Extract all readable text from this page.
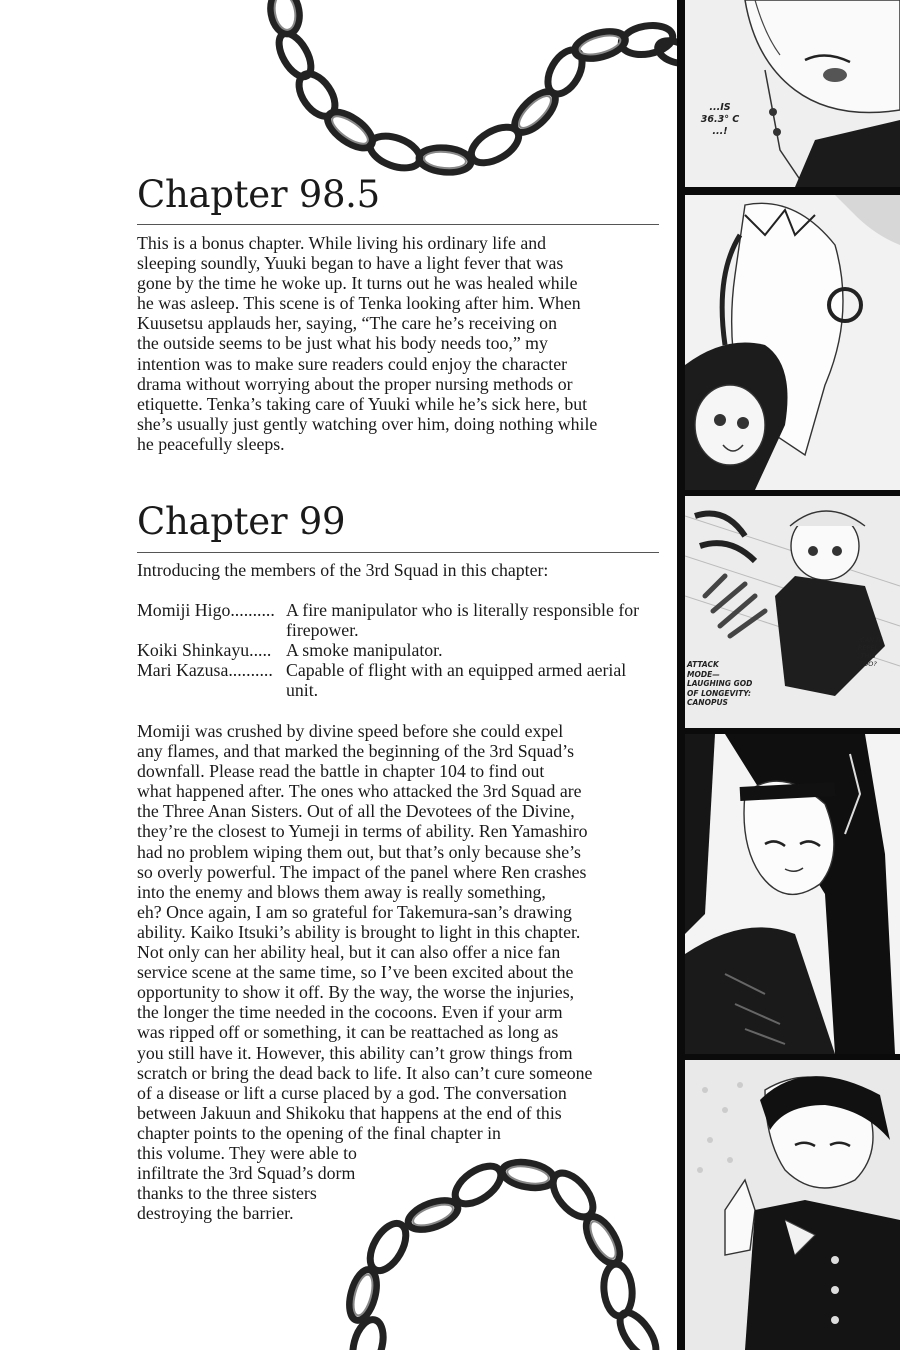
Chapter 98.5

This is a bonus chapter. While living his ordinary life and
sleeping soundly, Yuuki began to have a light fever that was
gone by the time he woke up. It turns out he was healed while
he was asleep. This scene is of Tenka looking after him. When
Kuusetsu applauds her, saying, “The care he’s receiving on
the outside seems to be just what his body needs too,” my
intention was to make sure readers could enjoy the character
drama without worrying about the proper nursing methods or
etiquette. Tenka’s taking care of Yuuki while he’s sick here, but
she’s usually just gently watching over him, doing nothing while
he peacefully sleeps.

Chapter 99

Introducing the members of the 3rd Squad in this chapter:

Momiji Higo.......... A fire manipulator who is literally responsible for firepower.
Koiki Shinkayu..... A smoke manipulator.
Mari Kazusa.......... Capable of flight with an equipped armed aerial unit.

Momiji was crushed by divine speed before she could expel
any flames, and that marked the beginning of the 3rd Squad’s
downfall. Please read the battle in chapter 104 to find out
what happened after. The ones who attacked the 3rd Squad are
the Three Anan Sisters. Out of all the Devotees of the Divine,
they’re the closest to Yumeji in terms of ability. Ren Yamashiro
had no problem wiping them out, but that’s only because she’s
so overly powerful. The impact of the panel where Ren crashes
into the enemy and blows them away is really something,
eh? Once again, I am so grateful for Takemura-san’s drawing
ability. Kaiko Itsuki’s ability is brought to light in this chapter.
Not only can her ability heal, but it can also offer a nice fan
service scene at the same time, so I’ve been excited about the
opportunity to show it off. By the way, the worse the injuries,
the longer the time needed in the cocoons. Even if your arm
was ripped off or something, it can be reattached as long as
you still have it. However, this ability can’t grow things from
scratch or bring the dead back to life. It also can’t cure someone
of a disease or lift a curse placed by a god. The conversation
between Jakuun and Shikoku that happens at the end of this
chapter points to the opening of the final chapter in
this volume. They were able to
infiltrate the 3rd Squad’s dorm
thanks to the three sisters
destroying the barrier.

...IS
36.3° C
...!
ATTACK
MODE—
LAUGHING GOD
OF LONGEVITY:
CANOPUS
...CAN IT
REPEL
THIS
TOO?
